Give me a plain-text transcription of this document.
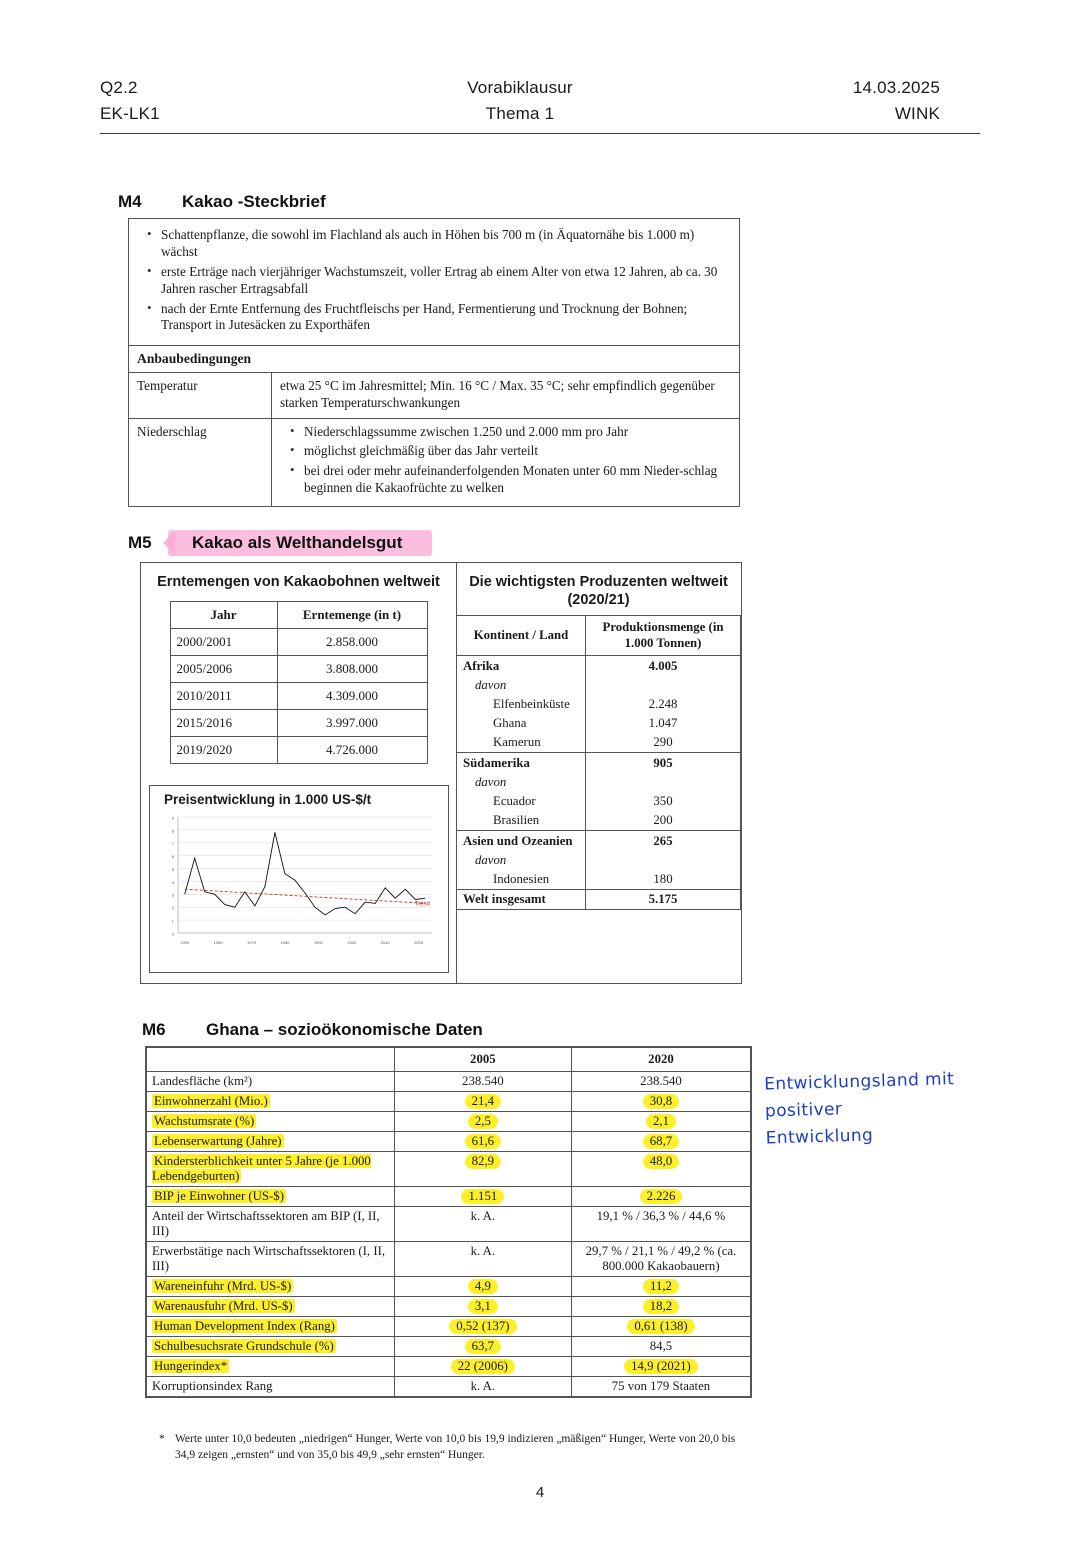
Q2.2	Vorabiklausur	14.03.2025
EK-LK1	Thema 1	WINK
M4 Kakao -Steckbrief
• Schattenpflanze, die sowohl im Flachland als auch in Höhen bis 700 m (in Äquatornähe bis 1.000 m) wächst
• erste Erträge nach vierjähriger Wachstumszeit, voller Ertrag ab einem Alter von etwa 12 Jahren, ab ca. 30 Jahren rascher Ertragsabfall
• nach der Ernte Entfernung des Fruchtfleischs per Hand, Fermentierung und Trocknung der Bohnen; Transport in Jutesäcken zu Exporthäfen
Anbaubedingungen
Temperatur	etwa 25 °C im Jahresmittel; Min. 16 °C / Max. 35 °C; sehr empfindlich gegenüber starken Temperaturschwankungen
Niederschlag	• Niederschlagssumme zwischen 1.250 und 2.000 mm pro Jahr
• möglichst gleichmäßig über das Jahr verteilt
• bei drei oder mehr aufeinanderfolgenden Monaten unter 60 mm Nieder-schlag beginnen die Kakaofrüchte zu welken
M5 Kakao als Welthandelsgut
Erntemengen von Kakaobohnen weltweit
Jahr	Erntemenge (in t)
2000/2001	2.858.000
2005/2006	3.808.000
2010/2011	4.309.000
2015/2016	3.997.000
2019/2020	4.726.000
Preisentwicklung in 1.000 US-$/t
0
1
2
3
4
5
6
7
8
9
1950	1960	1970	1980	1990	2000	2010	2020
Trend
Die wichtigsten Produzenten weltweit (2020/21)
Kontinent / Land	Produktionsmenge (in 1.000 Tonnen)
Afrika	4.005
davon	
Elfenbeinküste	2.248
Ghana	1.047
Kamerun	290
Südamerika	905
davon	
Ecuador	350
Brasilien	200
Asien und Ozeanien	265
davon	
Indonesien	180
Welt insgesamt	5.175
M6 Ghana – sozioökonomische Daten
	2005	2020
Landesfläche (km²)	238.540	238.540
Einwohnerzahl (Mio.)	21,4	30,8
Wachstumsrate (%)	2,5	2,1
Lebenserwartung (Jahre)	61,6	68,7
Kindersterblichkeit unter 5 Jahre (je 1.000 Lebendgeburten)	82,9	48,0
BIP je Einwohner (US-$)	1.151	2.226
Anteil der Wirtschaftssektoren am BIP (I, II, III)	k. A.	19,1 % / 36,3 % / 44,6 %
Erwerbstätige nach Wirtschaftssektoren (I, II, III)	k. A.	29,7 % / 21,1 % / 49,2 % (ca. 800.000 Kakaobauern)
Wareneinfuhr (Mrd. US-$)	4,9	11,2
Warenausfuhr (Mrd. US-$)	3,1	18,2
Human Development Index (Rang)	0,52 (137)	0,61 (138)
Schulbesuchsrate Grundschule (%)	63,7	84,5
Hungerindex*	22 (2006)	14,9 (2021)
Korruptionsindex Rang	k. A.	75 von 179 Staaten
Entwicklungsland mit
positiver
Entwicklung
* Werte unter 10,0 bedeuten „niedrigen“ Hunger, Werte von 10,0 bis 19,9 indizieren „mäßigen“ Hunger, Werte von 20,0 bis 34,9 zeigen „ernsten“ und von 35,0 bis 49,9 „sehr ernsten“ Hunger.
4
